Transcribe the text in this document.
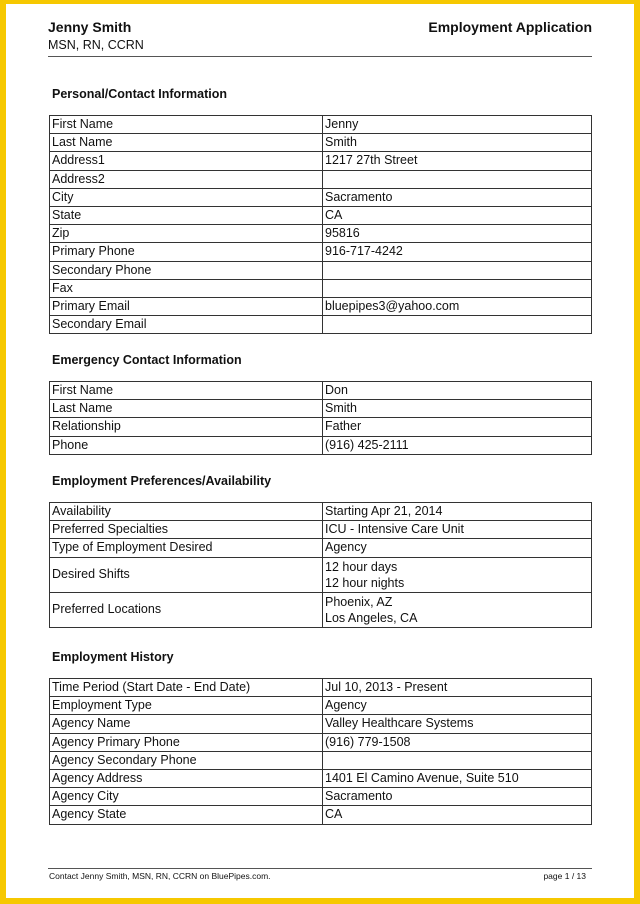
Jenny Smith
MSN, RN, CCRN
Employment Application
Personal/Contact Information
First Name	Jenny
Last Name	Smith
Address1	1217 27th Street
Address2	
City	Sacramento
State	CA
Zip	95816
Primary Phone	916-717-4242
Secondary Phone	
Fax	
Primary Email	bluepipes3@yahoo.com
Secondary Email	
Emergency Contact Information
First Name	Don
Last Name	Smith
Relationship	Father
Phone	(916) 425-2111
Employment Preferences/Availability
Availability	Starting Apr 21, 2014
Preferred Specialties	ICU - Intensive Care Unit
Type of Employment Desired	Agency
Desired Shifts	12 hour days
12 hour nights

Preferred Locations	Phoenix, AZ
Los Angeles, CA
Employment History
Time Period (Start Date - End Date)	Jul 10, 2013 - Present
Employment Type	Agency
Agency Name	Valley Healthcare Systems
Agency Primary Phone	(916) 779-1508
Agency Secondary Phone	
Agency Address	1401 El Camino Avenue, Suite 510
Agency City	Sacramento
Agency State	CA
Contact Jenny Smith, MSN, RN, CCRN on BluePipes.com.	page 1 / 13
